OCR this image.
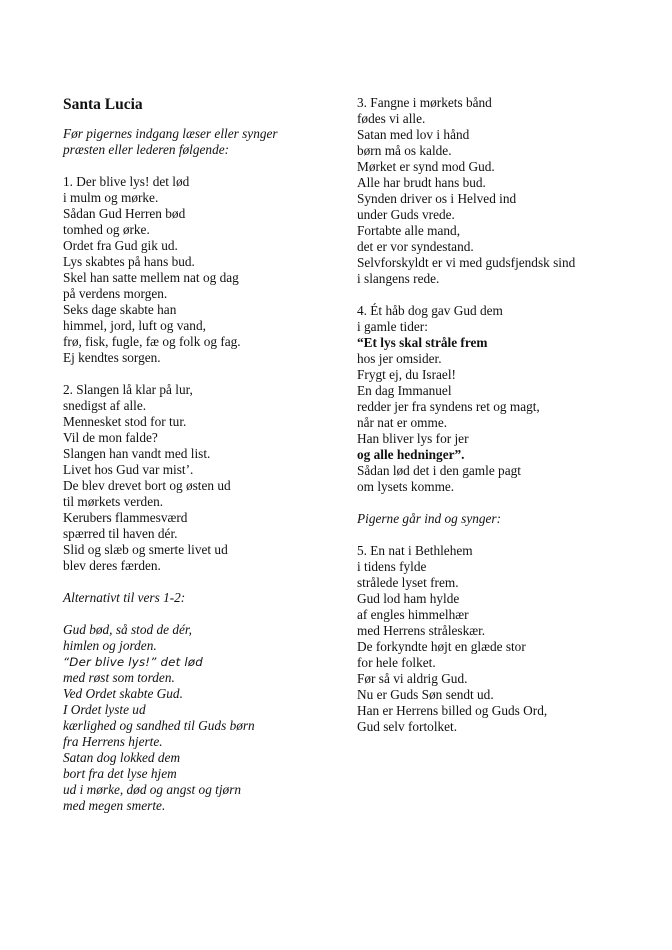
Santa Lucia
Før pigernes indgang læser eller synger
præsten eller lederen følgende:
1. Der blive lys! det lød
i mulm og mørke.
Sådan Gud Herren bød
tomhed og ørke.
Ordet fra Gud gik ud.
Lys skabtes på hans bud.
Skel han satte mellem nat og dag
på verdens morgen.
Seks dage skabte han
himmel, jord, luft og vand,
frø, fisk, fugle, fæ og folk og fag.
Ej kendtes sorgen.
2. Slangen lå klar på lur,
snedigst af alle.
Mennesket stod for tur.
Vil de mon falde?
Slangen han vandt med list.
Livet hos Gud var mist’.
De blev drevet bort og østen ud
til mørkets verden.
Kerubers flammesværd
spærred til haven dér.
Slid og slæb og smerte livet ud
blev deres færden.
Alternativt til vers 1-2:
Gud bød, så stod de dér,
himlen og jorden.
“Der blive lys!” det lød
med røst som torden.
Ved Ordet skabte Gud.
I Ordet lyste ud
kærlighed og sandhed til Guds børn
fra Herrens hjerte.
Satan dog lokked dem
bort fra det lyse hjem
ud i mørke, død og angst og tjørn
med megen smerte.
3. Fangne i mørkets bånd
fødes vi alle.
Satan med lov i hånd
børn må os kalde.
Mørket er synd mod Gud.
Alle har brudt hans bud.
Synden driver os i Helved ind
under Guds vrede.
Fortabte alle mand,
det er vor syndestand.
Selvforskyldt er vi med gudsfjendsk sind
i slangens rede.
4. Ét håb dog gav Gud dem
i gamle tider:
“Et lys skal stråle frem
hos jer omsider.
Frygt ej, du Israel!
En dag Immanuel
redder jer fra syndens ret og magt,
når nat er omme.
Han bliver lys for jer
og alle hedninger”.
Sådan lød det i den gamle pagt
om lysets komme.
Pigerne går ind og synger:
5. En nat i Bethlehem
i tidens fylde
strålede lyset frem.
Gud lod ham hylde
af engles himmelhær
med Herrens stråleskær.
De forkyndte højt en glæde stor
for hele folket.
Før så vi aldrig Gud.
Nu er Guds Søn sendt ud.
Han er Herrens billed og Guds Ord,
Gud selv fortolket.
